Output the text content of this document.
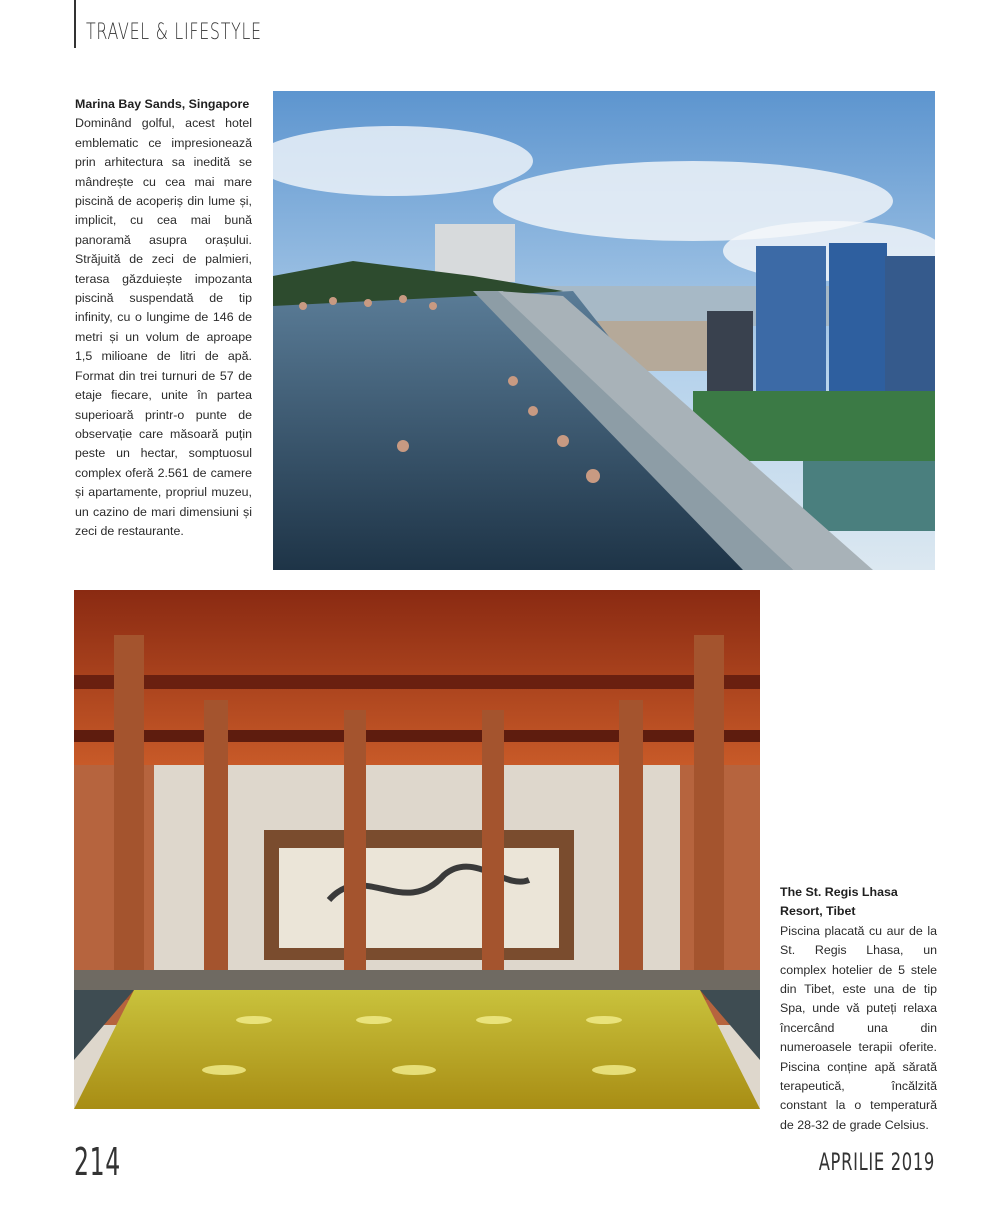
TRAVEL & LIFESTYLE
Marina Bay Sands, Singapore
Dominând golful, acest hotel emblematic ce impresionează prin arhitectura sa inedită se mândrește cu cea mai mare piscină de acoperiș din lume și, implicit, cu cea mai bună panoramă asupra orașului. Străjuită de zeci de palmieri, terasa găzduiește impozanta piscină suspendată de tip infinity, cu o lungime de 146 de metri și un volum de aproape 1,5 milioane de litri de apă. Format din trei turnuri de 57 de etaje fiecare, unite în partea superioară printr-o punte de observație care măsoară puțin peste un hectar, somptuosul complex oferă 2.561 de camere și apartamente, propriul muzeu, un cazino de mari dimensiuni și zeci de restaurante.
The St. Regis Lhasa Resort, Tibet
Piscina placată cu aur de la St. Regis Lhasa, un complex hotelier de 5 stele din Tibet, este una de tip Spa, unde vă puteți relaxa încercând una din numeroasele terapii oferite. Piscina conține apă sărată terapeutică, încălzită constant la o temperatură de 28-32 de grade Celsius.
214	APRILIE 2019
